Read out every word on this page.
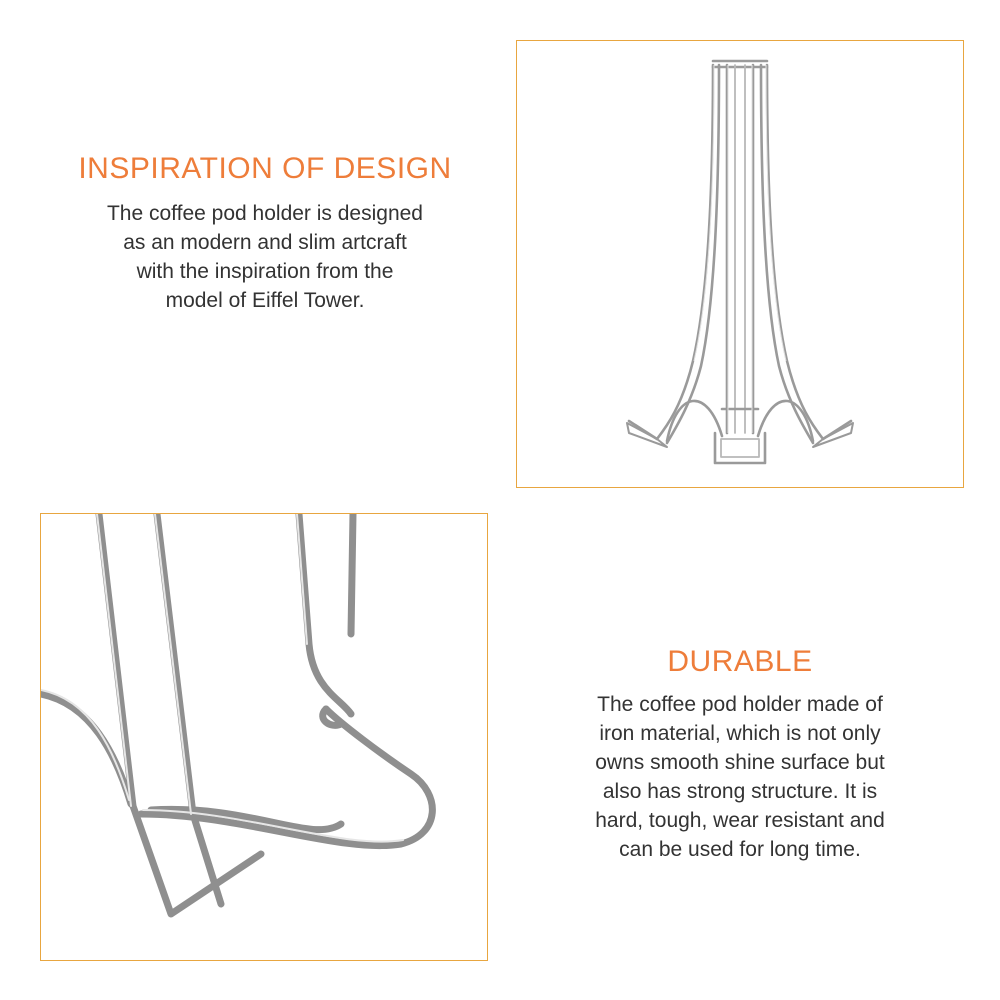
INSPIRATION OF DESIGN

The coffee pod holder is designed
as an modern and slim artcraft
with the inspiration from the
model of Eiffel Tower.

DURABLE

The coffee pod holder made of
iron material, which is not only
owns smooth shine surface but
also has strong structure. It is
hard, tough, wear resistant and
can be used for long time.
